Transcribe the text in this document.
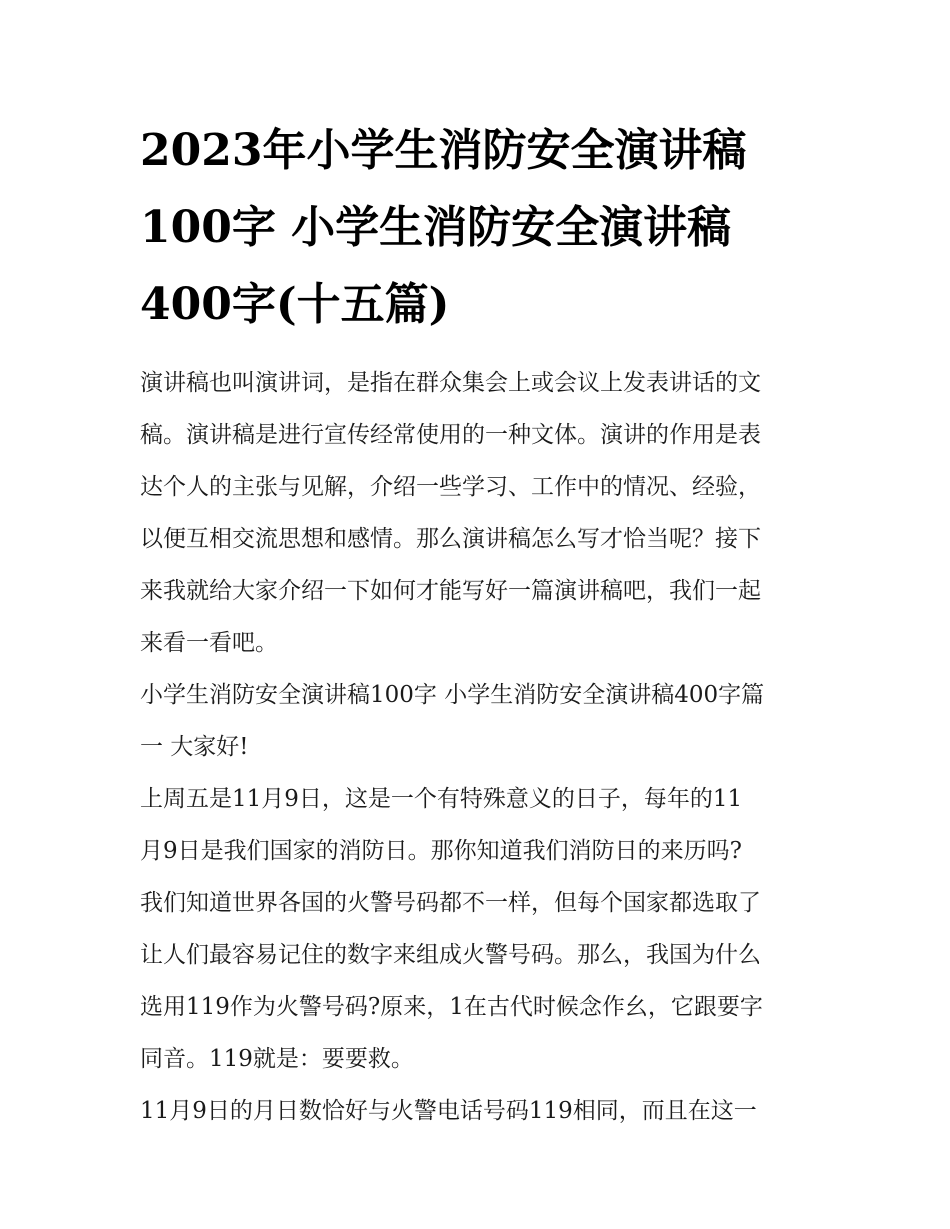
2023年小学生消防安全演讲稿
100字 小学生消防安全演讲稿
400字(十五篇)

演讲稿也叫演讲词，是指在群众集会上或会议上发表讲话的文
稿。演讲稿是进行宣传经常使用的一种文体。演讲的作用是表
达个人的主张与见解，介绍一些学习、工作中的情况、经验，
以便互相交流思想和感情。那么演讲稿怎么写才恰当呢？接下
来我就给大家介绍一下如何才能写好一篇演讲稿吧，我们一起
来看一看吧。

小学生消防安全演讲稿100字 小学生消防安全演讲稿400字篇
一 大家好!

上周五是11月9日，这是一个有特殊意义的日子，每年的11
月9日是我们国家的消防日。那你知道我们消防日的来历吗?
我们知道世界各国的火警号码都不一样，但每个国家都选取了
让人们最容易记住的数字来组成火警号码。那么，我国为什么
选用119作为火警号码?原来，1在古代时候念作幺，它跟要字
同音。119就是：要要救。

11月9日的月日数恰好与火警电话号码119相同，而且在这一
